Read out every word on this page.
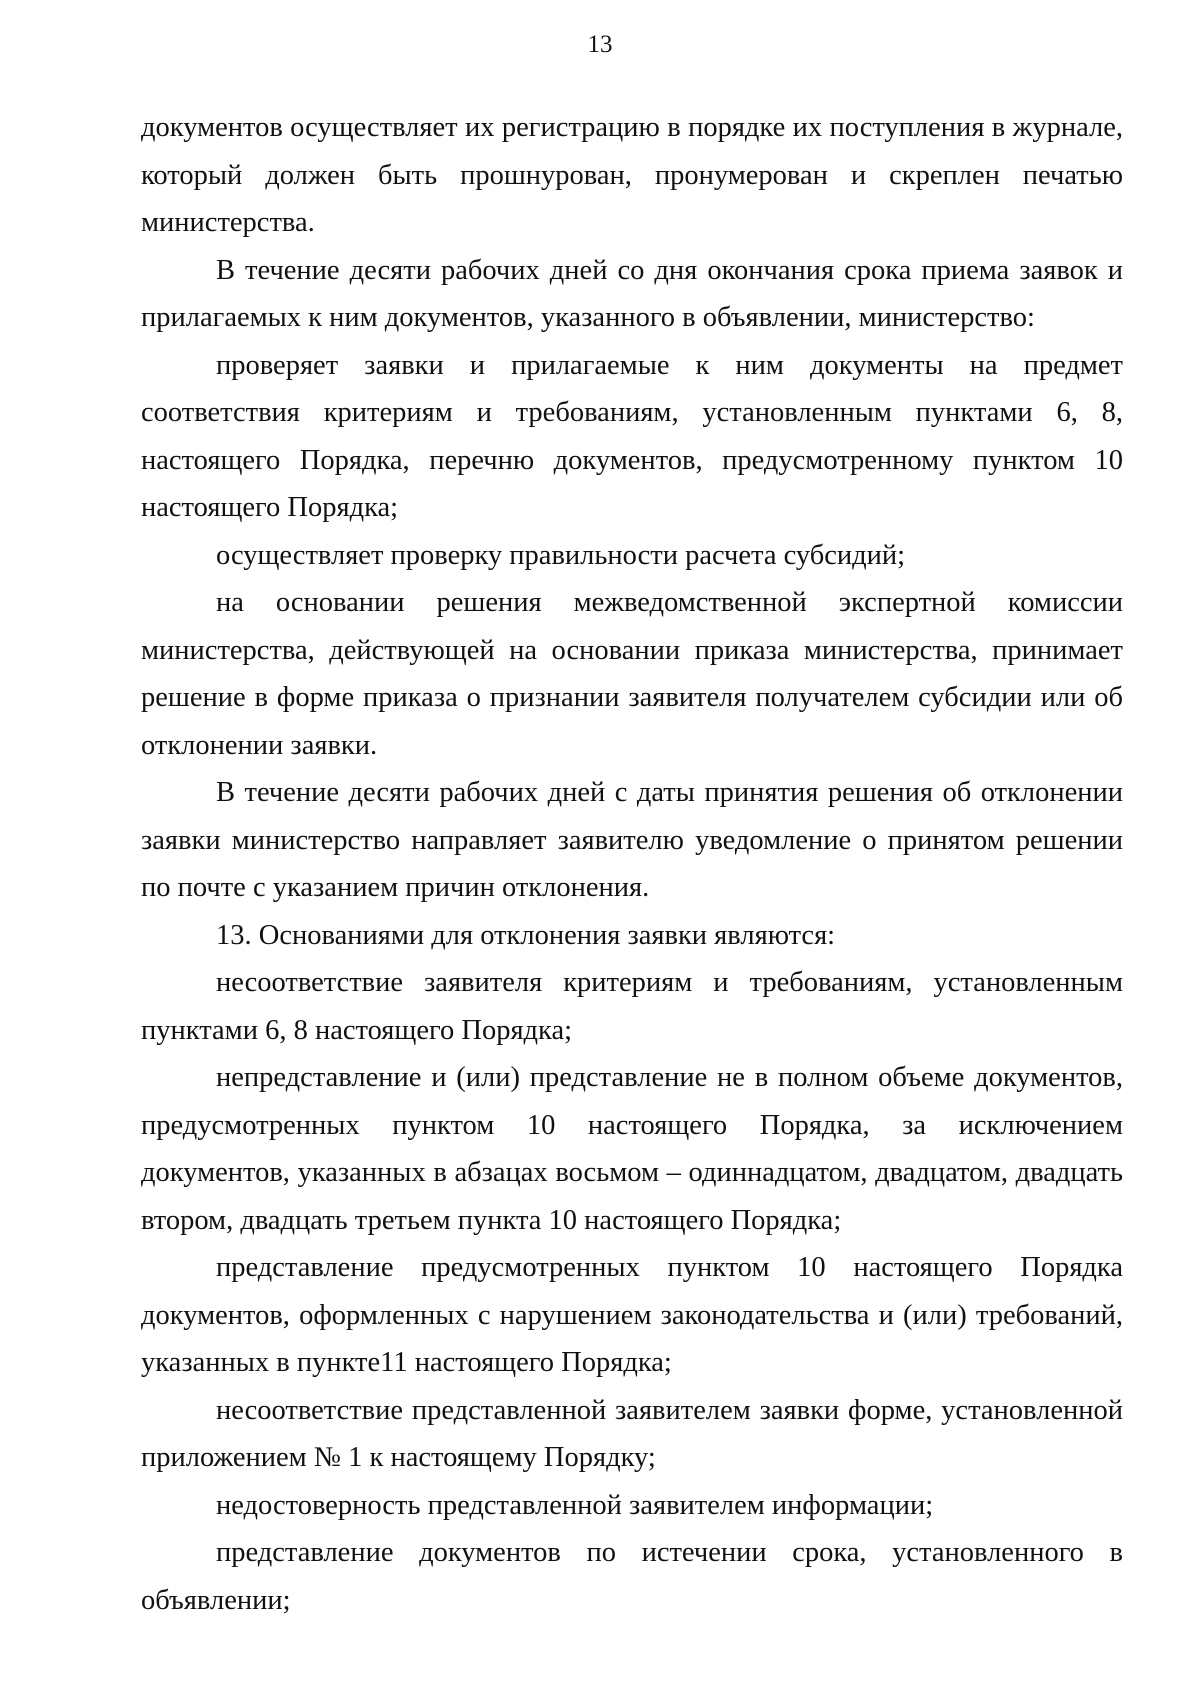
13

документов осуществляет их регистрацию в порядке их поступления в журнале, который должен быть прошнурован, пронумерован и скреплен печатью министерства.

В течение десяти рабочих дней со дня окончания срока приема заявок и прилагаемых к ним документов, указанного в объявлении, министерство:

проверяет заявки и прилагаемые к ним документы на предмет соответствия критериям и требованиям, установленным пунктами 6, 8, настоящего Порядка, перечню документов, предусмотренному пунктом 10 настоящего Порядка;

осуществляет проверку правильности расчета субсидий;

на основании решения межведомственной экспертной комиссии министерства, действующей на основании приказа министерства, принимает решение в форме приказа о признании заявителя получателем субсидии или об отклонении заявки.

В течение десяти рабочих дней с даты принятия решения об отклонении заявки министерство направляет заявителю уведомление о принятом решении по почте с указанием причин отклонения.

13. Основаниями для отклонения заявки являются:

несоответствие заявителя критериям и требованиям, установленным пунктами 6, 8 настоящего Порядка;

непредставление и (или) представление не в полном объеме документов, предусмотренных пунктом 10 настоящего Порядка, за исключением документов, указанных в абзацах восьмом – одиннадцатом, двадцатом, двадцать втором, двадцать третьем пункта 10 настоящего Порядка;

представление предусмотренных пунктом 10 настоящего Порядка документов, оформленных с нарушением законодательства и (или) требований, указанных в пункте11 настоящего Порядка;

несоответствие представленной заявителем заявки форме, установленной приложением № 1 к настоящему Порядку;

недостоверность представленной заявителем информации;

представление документов по истечении срока, установленного в объявлении;
